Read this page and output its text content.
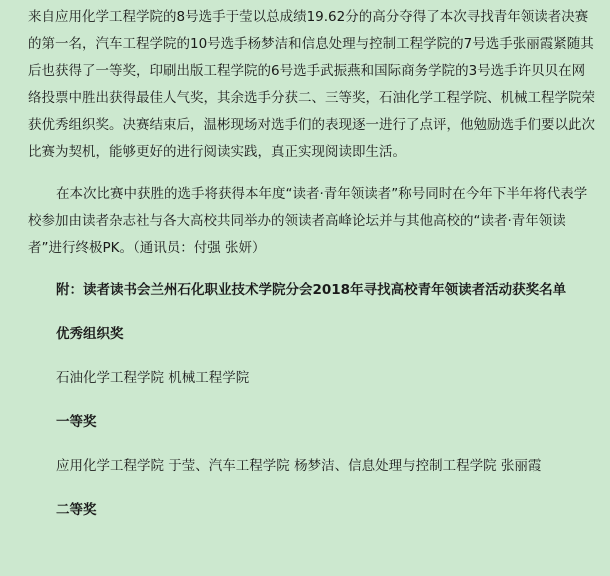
来自应用化学工程学院的8号选手于莹以总成绩19.62分的高分夺得了本次寻找青年领读者决赛的第一名，汽车工程学院的10号选手杨梦洁和信息处理与控制工程学院的7号选手张丽霞紧随其后也获得了一等奖，印刷出版工程学院的6号选手武振燕和国际商务学院的3号选手许贝贝在网络投票中胜出获得最佳人气奖，其余选手分获二、三等奖，石油化学工程学院、机械工程学院荣获优秀组织奖。决赛结束后，温彬现场对选手们的表现逐一进行了点评，他勉励选手们要以此次比赛为契机，能够更好的进行阅读实践，真正实现阅读即生活。

在本次比赛中获胜的选手将获得本年度“读者·青年领读者”称号同时在今年下半年将代表学校参加由读者杂志社与各大高校共同举办的领读者高峰论坛并与其他高校的“读者·青年领读者”进行终极PK。（通讯员：付强 张妍）

附：读者读书会兰州石化职业技术学院分会2018年寻找高校青年领读者活动获奖名单

优秀组织奖

石油化学工程学院 机械工程学院

一等奖

应用化学工程学院 于莹、汽车工程学院 杨梦洁、信息处理与控制工程学院 张丽霞

二等奖
